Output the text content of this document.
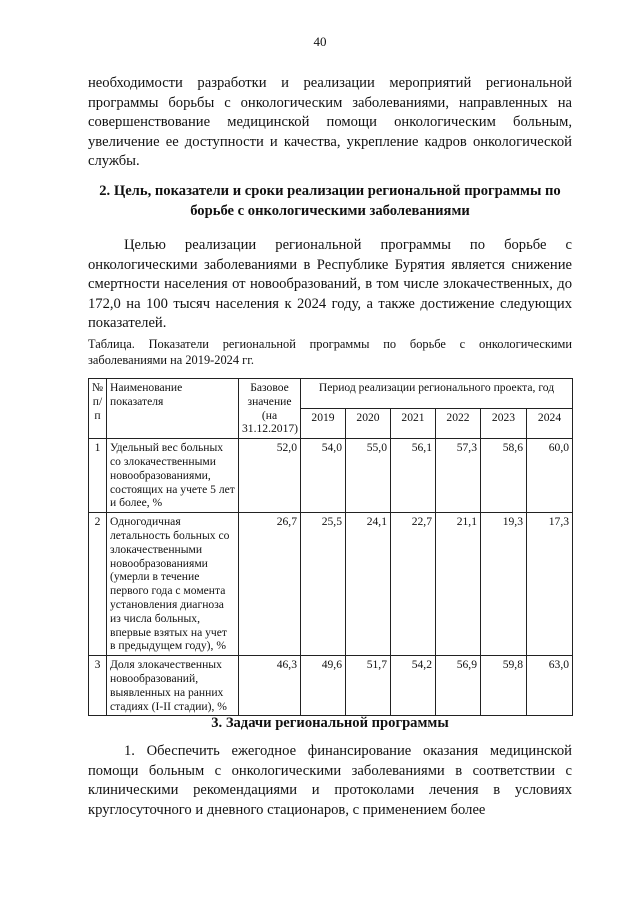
40

необходимости разработки и реализации мероприятий региональной программы борьбы с онкологическим заболеваниями, направленных на совершенствование медицинской помощи онкологическим больным, увеличение ее доступности и качества, укрепление кадров онкологической службы.

2. Цель, показатели и сроки реализации региональной программы по борьбе с онкологическими заболеваниями

Целью реализации региональной программы по борьбе с онкологическими заболеваниями в Республике Бурятия является снижение смертности населения от новообразований, в том числе злокачественных, до 172,0 на 100 тысяч населения к 2024 году, а также достижение следующих показателей.

Таблица. Показатели региональной программы по борьбе с онкологическими заболеваниями на 2019-2024 гг.

№ п/п	Наименование показателя	Базовое значение (на 31.12.2017)	Период реализации регионального проекта, год					
			2019	2020	2021	2022	2023	2024
1	Удельный вес больных со злокачественными новообразованиями, состоящих на учете 5 лет и более, %	52,0	54,0	55,0	56,1	57,3	58,6	60,0
2	Одногодичная летальность больных со злокачественными новообразованиями (умерли в течение первого года с момента установления диагноза из числа больных, впервые взятых на учет в предыдущем году), %	26,7	25,5	24,1	22,7	21,1	19,3	17,3
3	Доля злокачественных новообразований, выявленных на ранних стадиях (I-II стадии), %	46,3	49,6	51,7	54,2	56,9	59,8	63,0

3. Задачи региональной программы

1. Обеспечить ежегодное финансирование оказания медицинской помощи больным с онкологическими заболеваниями в соответствии с клиническими рекомендациями и протоколами лечения в условиях круглосуточного и дневного стационаров, с применением более
